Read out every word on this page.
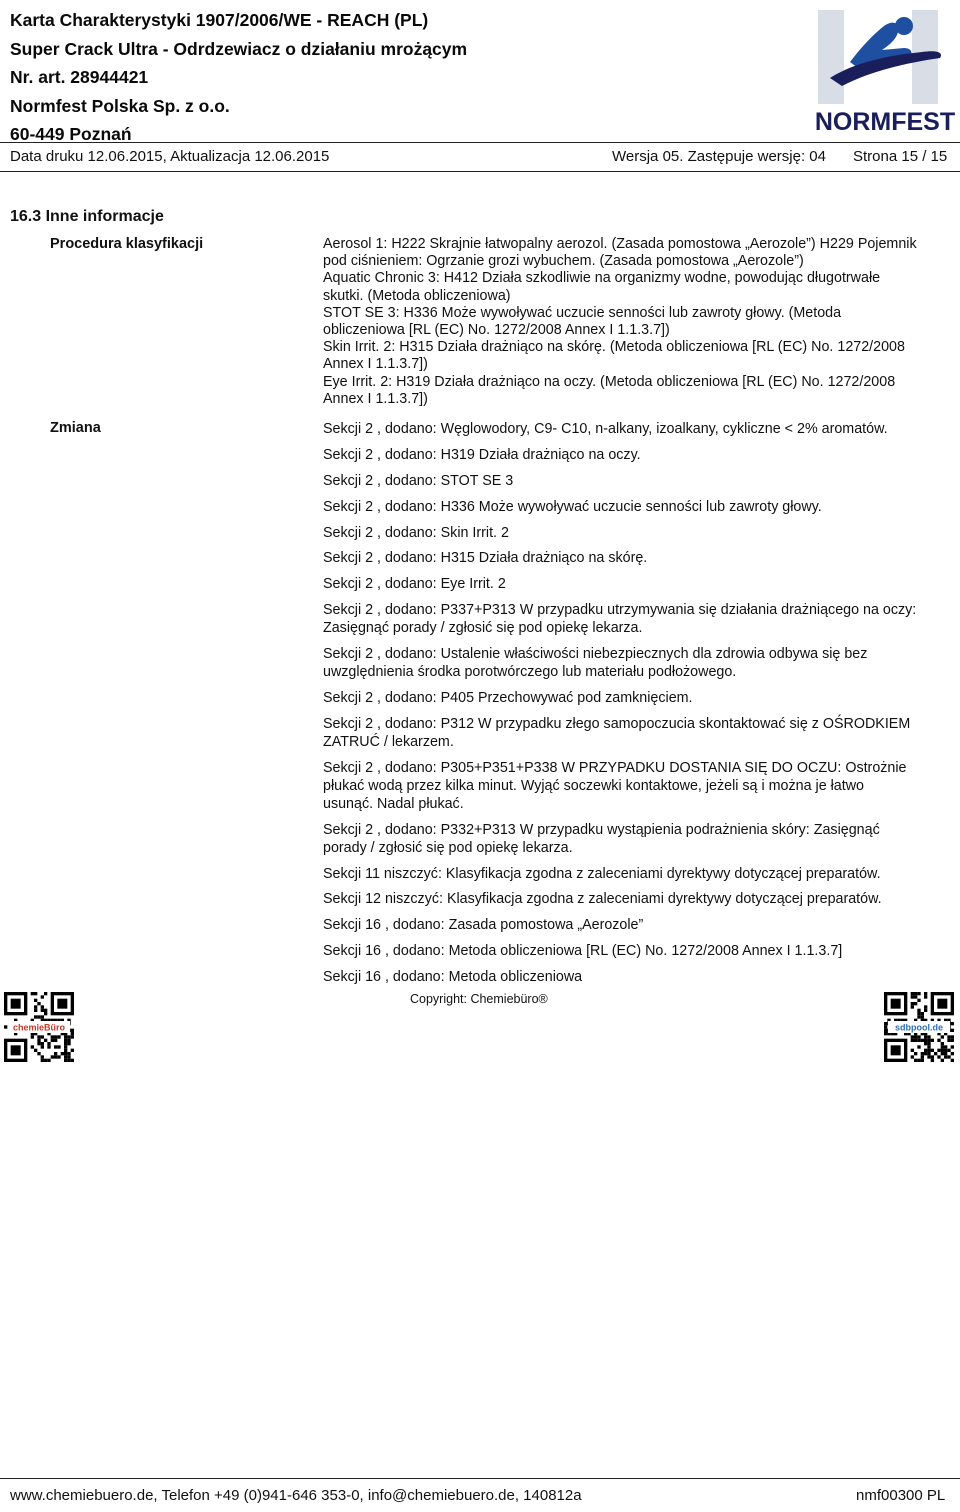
Karta Charakterystyki 1907/2006/WE - REACH (PL)
Super Crack Ultra - Odrdzewiacz o działaniu mrożącym
Nr. art. 28944421
Normfest Polska Sp. z o.o.
60-449 Poznań	NORMFEST
Data druku 12.06.2015, Aktualizacja 12.06.2015	Wersja 05. Zastępuje wersję: 04 Strona 15 / 15
16.3 Inne informacje
Procedura klasyfikacji	Aerosol 1: H222 Skrajnie łatwopalny aerozol. (Zasada pomostowa „Aerozole”) H229 Pojemnik
pod ciśnieniem: Ogrzanie grozi wybuchem. (Zasada pomostowa „Aerozole”)
Aquatic Chronic 3: H412 Działa szkodliwie na organizmy wodne, powodując długotrwałe
skutki. (Metoda obliczeniowa)
STOT SE 3: H336 Może wywoływać uczucie senności lub zawroty głowy. (Metoda
obliczeniowa [RL (EC) No. 1272/2008 Annex I 1.1.3.7])
Skin Irrit. 2: H315 Działa drażniąco na skórę. (Metoda obliczeniowa [RL (EC) No. 1272/2008
Annex I 1.1.3.7])
Eye Irrit. 2: H319 Działa drażniąco na oczy. (Metoda obliczeniowa [RL (EC) No. 1272/2008
Annex I 1.1.3.7])
Zmiana	Sekcji 2 , dodano: Węglowodory, C9- C10, n-alkany, izoalkany, cykliczne < 2% aromatów.
Sekcji 2 , dodano: H319 Działa drażniąco na oczy.
Sekcji 2 , dodano: STOT SE 3
Sekcji 2 , dodano: H336 Może wywoływać uczucie senności lub zawroty głowy.
Sekcji 2 , dodano: Skin Irrit. 2
Sekcji 2 , dodano: H315 Działa drażniąco na skórę.
Sekcji 2 , dodano: Eye Irrit. 2
Sekcji 2 , dodano: P337+P313 W przypadku utrzymywania się działania drażniącego na oczy:
Zasięgnąć porady / zgłosić się pod opiekę lekarza.
Sekcji 2 , dodano: Ustalenie właściwości niebezpiecznych dla zdrowia odbywa się bez
uwzględnienia środka porotwórczego lub materiału podłożowego.
Sekcji 2 , dodano: P405 Przechowywać pod zamknięciem.
Sekcji 2 , dodano: P312 W przypadku złego samopoczucia skontaktować się z OŚRODKIEM
ZATRUĆ / lekarzem.
Sekcji 2 , dodano: P305+P351+P338 W PRZYPADKU DOSTANIA SIĘ DO OCZU: Ostrożnie
płukać wodą przez kilka minut. Wyjąć soczewki kontaktowe, jeżeli są i można je łatwo
usunąć. Nadal płukać.
Sekcji 2 , dodano: P332+P313 W przypadku wystąpienia podrażnienia skóry: Zasięgnąć
porady / zgłosić się pod opiekę lekarza.
Sekcji 11 niszczyć: Klasyfikacja zgodna z zaleceniami dyrektywy dotyczącej preparatów.
Sekcji 12 niszczyć: Klasyfikacja zgodna z zaleceniami dyrektywy dotyczącej preparatów.
Sekcji 16 , dodano: Zasada pomostowa „Aerozole”
Sekcji 16 , dodano: Metoda obliczeniowa [RL (EC) No. 1272/2008 Annex I 1.1.3.7]
Sekcji 16 , dodano: Metoda obliczeniowa
chemieBüro
Copyright: Chemiebüro®
sdbpool.de
www.chemiebuero.de, Telefon +49 (0)941-646 353-0, info@chemiebuero.de, 140812a	nmf00300 PL
